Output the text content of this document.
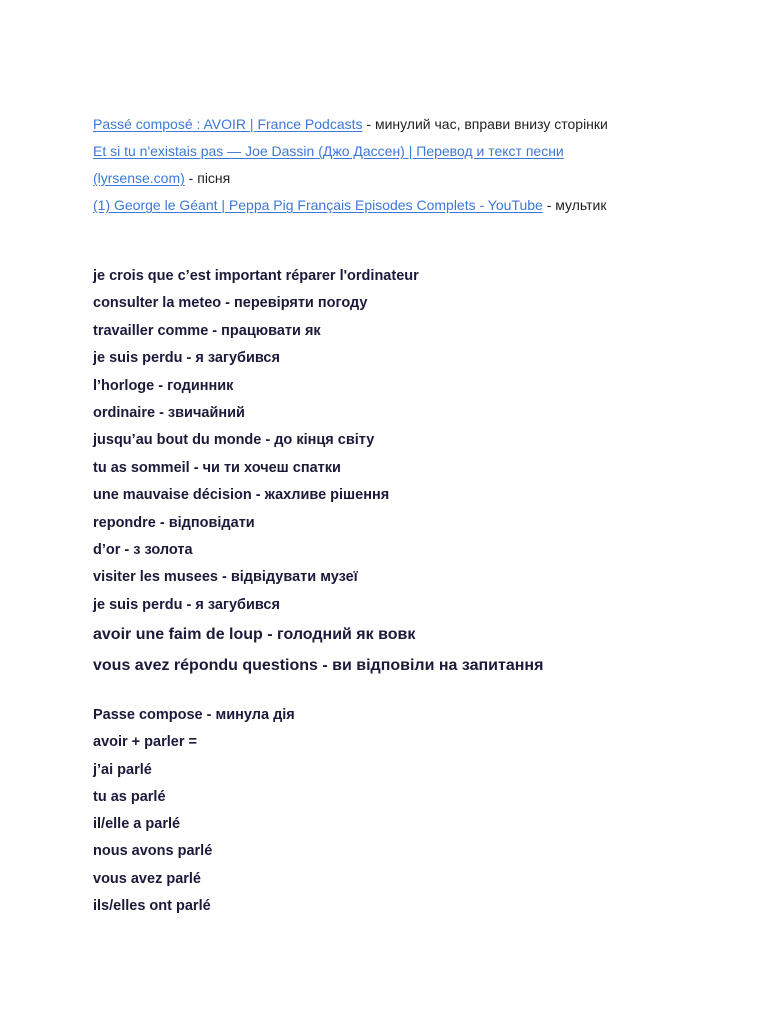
Passé composé : AVOIR | France Podcasts - минулий час, вправи внизу сторінки
Et si tu n'existais pas — Joe Dassin (Джо Дассен) | Перевод и текст песни
(lyrsense.com) - пісня
(1) George le Géant | Peppa Pig Français Episodes Complets - YouTube - мультик
je crois que c’est important réparer l'ordinateur
consulter la meteo - перевіряти погоду
travailler comme - працювати як
je suis perdu - я загубився
l’horloge - годинник
ordinaire - звичайний
jusqu’au bout du monde - до кінця світу
tu as sommeil - чи ти хочеш спатки
une mauvaise décision - жахливе рішення
repondre - відповідати
d’or - з золота
visiter les musees - відвідувати музеї
je suis perdu - я загубився
avoir une faim de loup - голодний як вовк
vous avez répondu questions - ви відповіли на запитання
Passe compose - минула дія
avoir + parler =
j’ai parlé
tu as parlé
il/elle a parlé
nous avons parlé
vous avez parlé
ils/elles ont parlé
